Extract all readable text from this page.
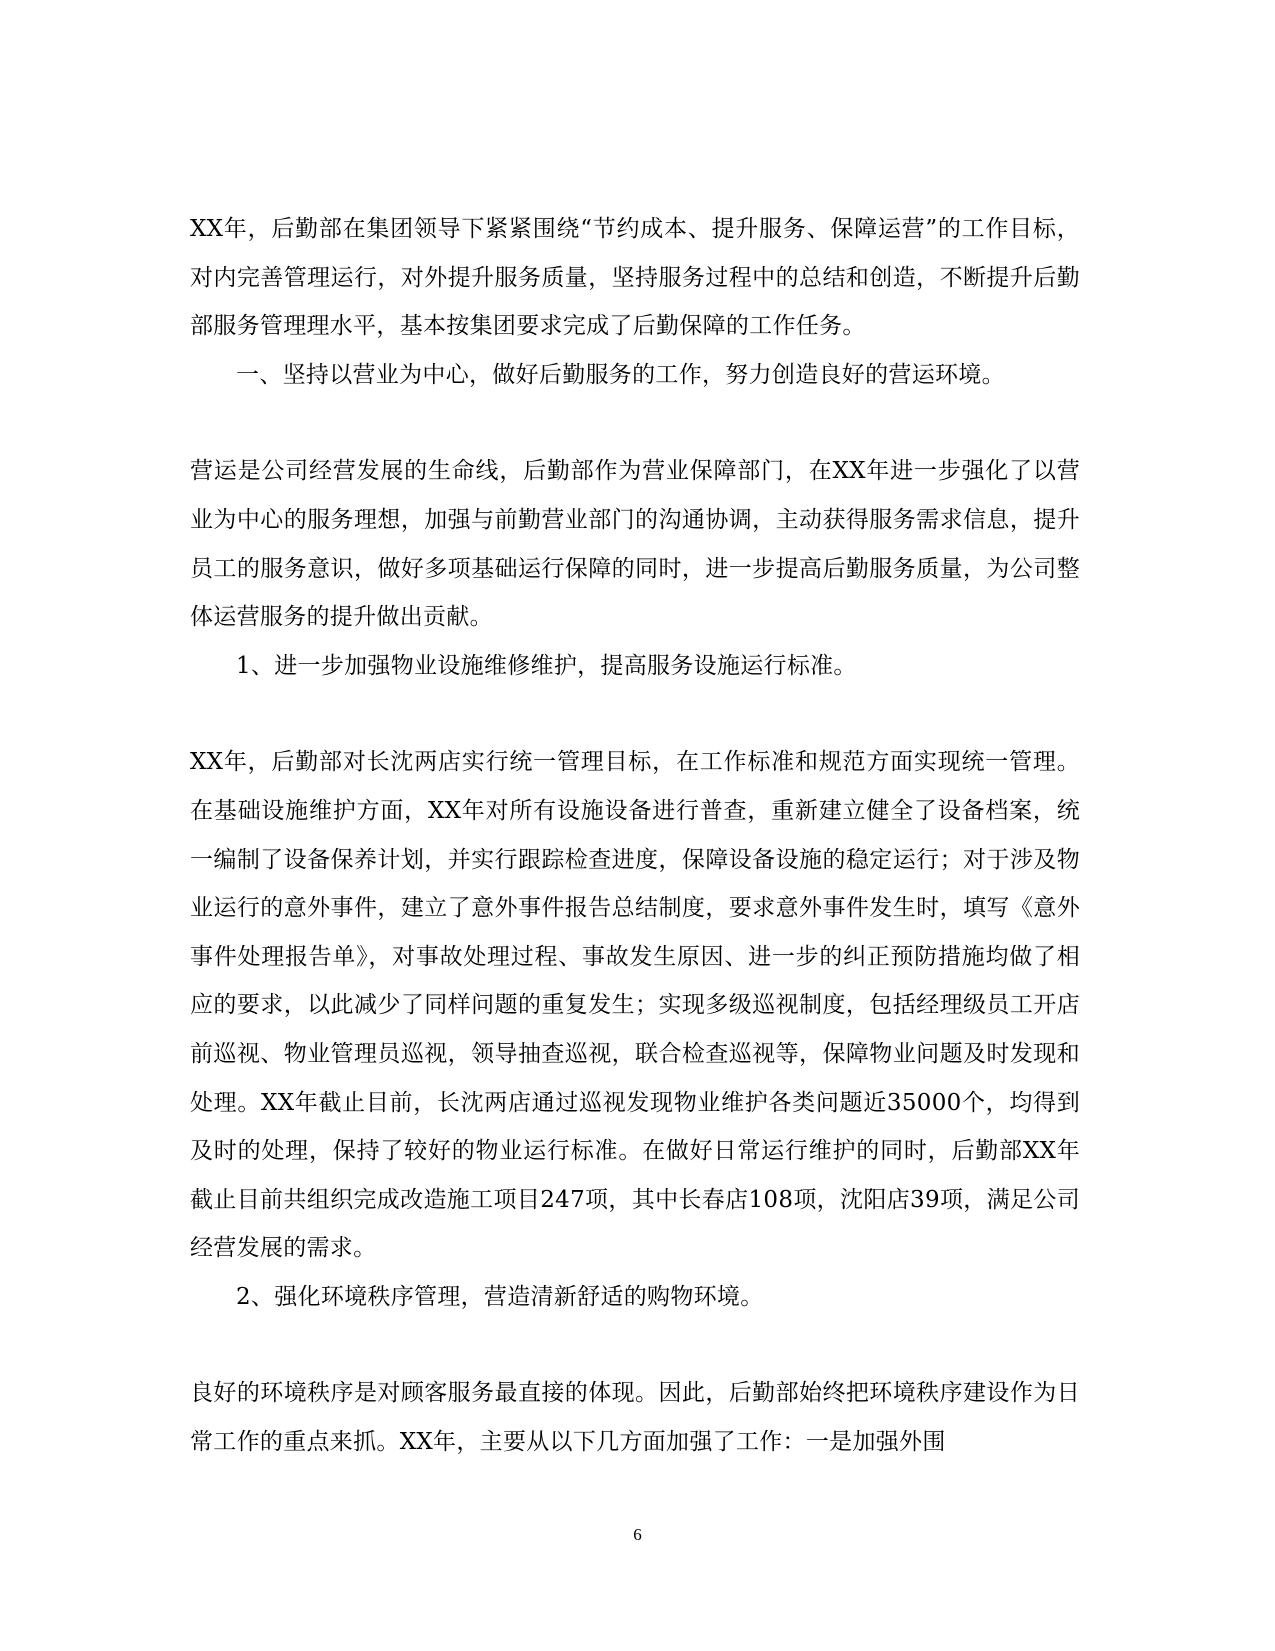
XX年，后勤部在集团领导下紧紧围绕“节约成本、提升服务、保障运营”的工作目标，对内完善管理运行，对外提升服务质量，坚持服务过程中的总结和创造，不断提升后勤部服务管理理水平，基本按集团要求完成了后勤保障的工作任务。

一、坚持以营业为中心，做好后勤服务的工作，努力创造良好的营运环境。

营运是公司经营发展的生命线，后勤部作为营业保障部门，在XX年进一步强化了以营业为中心的服务理想，加强与前勤营业部门的沟通协调，主动获得服务需求信息，提升员工的服务意识，做好多项基础运行保障的同时，进一步提高后勤服务质量，为公司整体运营服务的提升做出贡献。

1、进一步加强物业设施维修维护，提高服务设施运行标准。

XX年，后勤部对长沈两店实行统一管理目标，在工作标准和规范方面实现统一管理。在基础设施维护方面，XX年对所有设施设备进行普查，重新建立健全了设备档案，统一编制了设备保养计划，并实行跟踪检查进度，保障设备设施的稳定运行；对于涉及物业运行的意外事件，建立了意外事件报告总结制度，要求意外事件发生时，填写《意外事件处理报告单》，对事故处理过程、事故发生原因、进一步的纠正预防措施均做了相应的要求，以此减少了同样问题的重复发生；实现多级巡视制度，包括经理级员工开店前巡视、物业管理员巡视，领导抽查巡视，联合检查巡视等，保障物业问题及时发现和处理。XX年截止目前，长沈两店通过巡视发现物业维护各类问题近35000个，均得到及时的处理，保持了较好的物业运行标准。在做好日常运行维护的同时，后勤部XX年截止目前共组织完成改造施工项目247项，其中长春店108项，沈阳店39项，满足公司经营发展的需求。

2、强化环境秩序管理，营造清新舒适的购物环境。

良好的环境秩序是对顾客服务最直接的体现。因此，后勤部始终把环境秩序建设作为日常工作的重点来抓。XX年，主要从以下几方面加强了工作：一是加强外围

6
